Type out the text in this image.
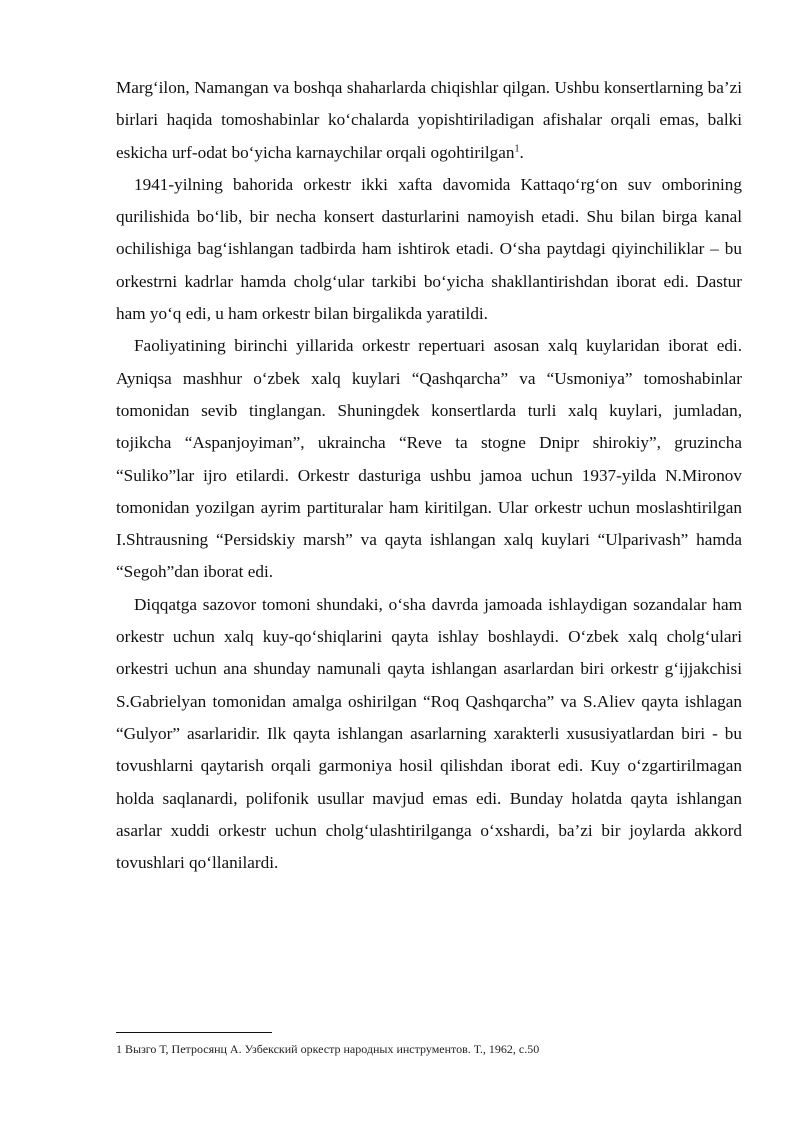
Marg‘ilon, Namangan va boshqa shaharlarda chiqishlar qilgan. Ushbu konsertlarning ba’zi birlari haqida tomoshabinlar ko‘chalarda yopishtiriladigan afishalar orqali emas, balki eskicha urf-odat bo‘yicha karnaychilar orqali ogohtirilgan$^1$.

1941-yilning bahorida orkestr ikki xafta davomida Kattaqo‘rg‘on suv omborining qurilishida bo‘lib, bir necha konsert dasturlarini namoyish etadi. Shu bilan birga kanal ochilishiga bag‘ishlangan tadbirda ham ishtirok etadi. O‘sha paytdagi qiyinchiliklar – bu orkestrni kadrlar hamda cholg‘ular tarkibi bo‘yicha shakllantirishdan iborat edi. Dastur ham yo‘q edi, u ham orkestr bilan birgalikda yaratildi.

Faoliyatining birinchi yillarida orkestr repertuari asosan xalq kuylaridan iborat edi. Ayniqsa mashhur o‘zbek xalq kuylari “Qashqarcha” va “Usmoniya” tomoshabinlar tomonidan sevib tinglangan. Shuningdek konsertlarda turli xalq kuylari, jumladan, tojikcha “Aspanjoyiman”, ukraincha “Reve ta stogne Dnipr shirokiy”, gruzincha “Suliko”lar ijro etilardi. Orkestr dasturiga ushbu jamoa uchun 1937-yilda N.Mironov tomonidan yozilgan ayrim partituralar ham kiritilgan. Ular orkestr uchun moslashtirilgan I.Shtrausning “Persidskiy marsh” va qayta ishlangan xalq kuylari “Ulparivash” hamda “Segoh”dan iborat edi.

Diqqatga sazovor tomoni shundaki, o‘sha davrda jamoada ishlaydigan sozandalar ham orkestr uchun xalq kuy-qo‘shiqlarini qayta ishlay boshlaydi. O‘zbek xalq cholg‘ulari orkestri uchun ana shunday namunali qayta ishlangan asarlardan biri orkestr g‘ijjakchisi S.Gabrielyan tomonidan amalga oshirilgan “Roq Qashqarcha” va S.Aliev qayta ishlagan “Gulyor” asarlaridir. Ilk qayta ishlangan asarlarning xarakterli xususiyatlardan biri - bu tovushlarni qaytarish orqali garmoniya hosil qilishdan iborat edi. Kuy o‘zgartirilmagan holda saqlanardi, polifonik usullar mavjud emas edi. Bunday holatda qayta ishlangan asarlar xuddi orkestr uchun cholg‘ulashtirilganga o‘xshardi, ba’zi bir joylarda akkord tovushlari qo‘llanilardi.

1 Вызго Т, Петросянц А. Узбекский оркестр народных инструментов. Т., 1962, с.50
